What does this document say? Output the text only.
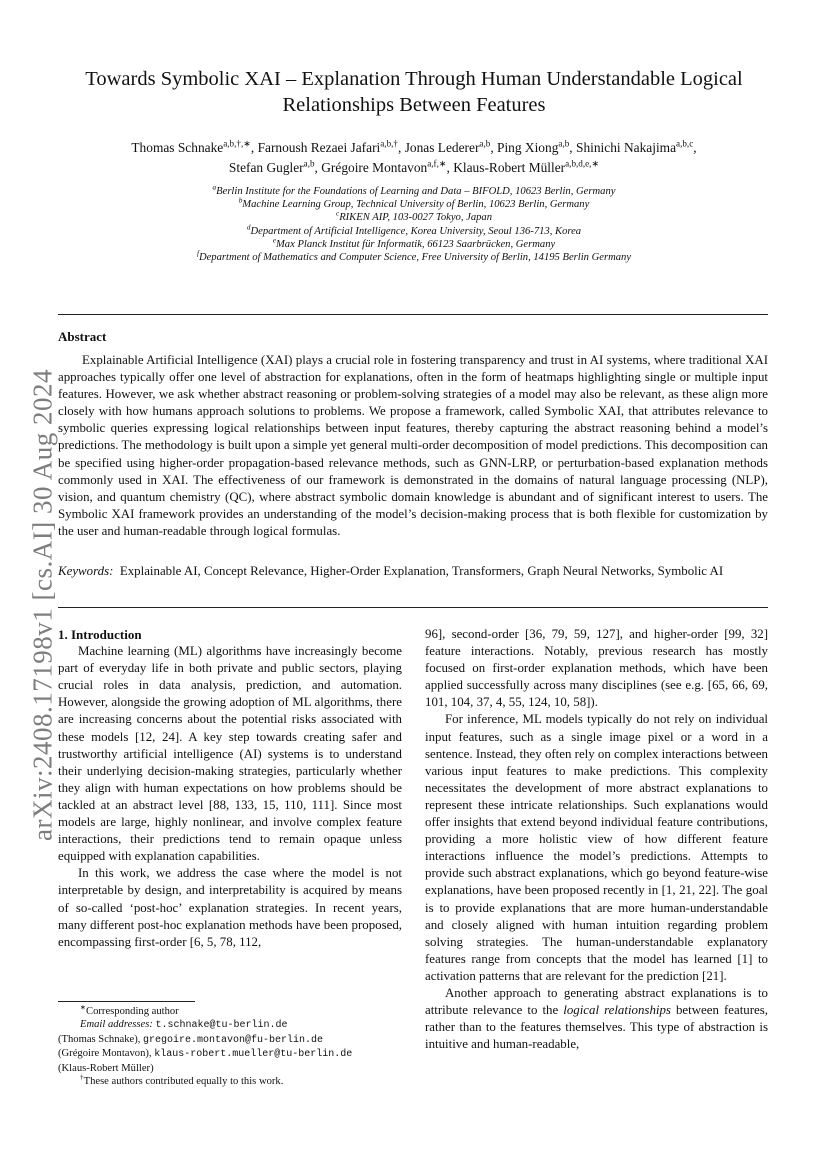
arXiv:2408.17198v1 [cs.AI] 30 Aug 2024
Towards Symbolic XAI – Explanation Through Human Understandable Logical
Relationships Between Features
Thomas Schnake$^{a,b,\dagger,∗}$, Farnoush Rezaei Jafari$^{a,b,\dagger}$, Jonas Lederer$^{a,b}$, Ping Xiong$^{a,b}$, Shinichi Nakajima$^{a,b,c}$,
Stefan Gugler$^{a,b}$, Grégoire Montavon$^{a,f,∗}$, Klaus-Robert Müller$^{a,b,d,e,∗}$
$^a$Berlin Institute for the Foundations of Learning and Data – BIFOLD, 10623 Berlin, Germany
$^b$Machine Learning Group, Technical University of Berlin, 10623 Berlin, Germany
$^c$RIKEN AIP, 103-0027 Tokyo, Japan
$^d$Department of Artificial Intelligence, Korea University, Seoul 136-713, Korea
$^e$Max Planck Institut für Informatik, 66123 Saarbrücken, Germany
$^f$Department of Mathematics and Computer Science, Free University of Berlin, 14195 Berlin Germany
Abstract

Explainable Artificial Intelligence (XAI) plays a crucial role in fostering transparency and trust in AI systems, where traditional XAI approaches typically offer one level of abstraction for explanations, often in the form of heatmaps highlighting single or multiple input features. However, we ask whether abstract reasoning or problem-solving strategies of a model may also be relevant, as these align more closely with how humans approach solutions to problems. We propose a framework, called Symbolic XAI, that attributes relevance to symbolic queries expressing logical relationships between input features, thereby capturing the abstract reasoning behind a model’s predictions. The methodology is built upon a simple yet general multi-order decomposition of model predictions. This decomposition can be specified using higher-order propagation-based relevance methods, such as GNN-LRP, or perturbation-based explanation methods commonly used in XAI. The effectiveness of our framework is demonstrated in the domains of natural language processing (NLP), vision, and quantum chemistry (QC), where abstract symbolic domain knowledge is abundant and of significant interest to users. The Symbolic XAI framework provides an understanding of the model’s decision-making process that is both flexible for customization by the user and human-readable through logical formulas.

Keywords: Explainable AI, Concept Relevance, Higher-Order Explanation, Transformers, Graph Neural Networks, Symbolic AI

1. Introduction

Machine learning (ML) algorithms have increasingly become part of everyday life in both private and public sectors, playing crucial roles in data analysis, prediction, and automation. However, alongside the growing adoption of ML algorithms, there are increasing concerns about the potential risks associated with these models [12, 24]. A key step towards creating safer and trustworthy artificial intelligence (AI) systems is to understand their underlying decision-making strategies, particularly whether they align with human expectations on how problems should be tackled at an abstract level [88, 133, 15, 110, 111]. Since most models are large, highly nonlinear, and involve complex feature interactions, their predictions tend to remain opaque unless equipped with explanation capabilities.

In this work, we address the case where the model is not interpretable by design, and interpretability is acquired by means of so-called ‘post-hoc’ explanation strategies. In recent years, many different post-hoc explanation methods have been proposed, encompassing first-order [6, 5, 78, 112,

96], second-order [36, 79, 59, 127], and higher-order [99, 32] feature interactions. Notably, previous research has mostly focused on first-order explanation methods, which have been applied successfully across many disciplines (see e.g. [65, 66, 69, 101, 104, 37, 4, 55, 124, 10, 58]).

For inference, ML models typically do not rely on individual input features, such as a single image pixel or a word in a sentence. Instead, they often rely on complex interactions between various input features to make predictions. This complexity necessitates the development of more abstract explanations to represent these intricate relationships. Such explanations would offer insights that extend beyond individual feature contributions, providing a more holistic view of how different feature interactions influence the model’s predictions. Attempts to provide such abstract explanations, which go beyond feature-wise explanations, have been proposed recently in [1, 21, 22]. The goal is to provide explanations that are more human-understandable and closely aligned with human intuition regarding problem solving strategies. The human-understandable explanatory features range from concepts that the model has learned [1] to activation patterns that are relevant for the prediction [21].

Another approach to generating abstract explanations is to attribute relevance to the logical relationships between features, rather than to the features themselves. This type of abstraction is intuitive and human-readable,

∗Corresponding author
Email addresses: t.schnake@tu-berlin.de
(Thomas Schnake), gregoire.montavon@fu-berlin.de
(Grégoire Montavon), klaus-robert.mueller@tu-berlin.de
(Klaus-Robert Müller)
†These authors contributed equally to this work.
